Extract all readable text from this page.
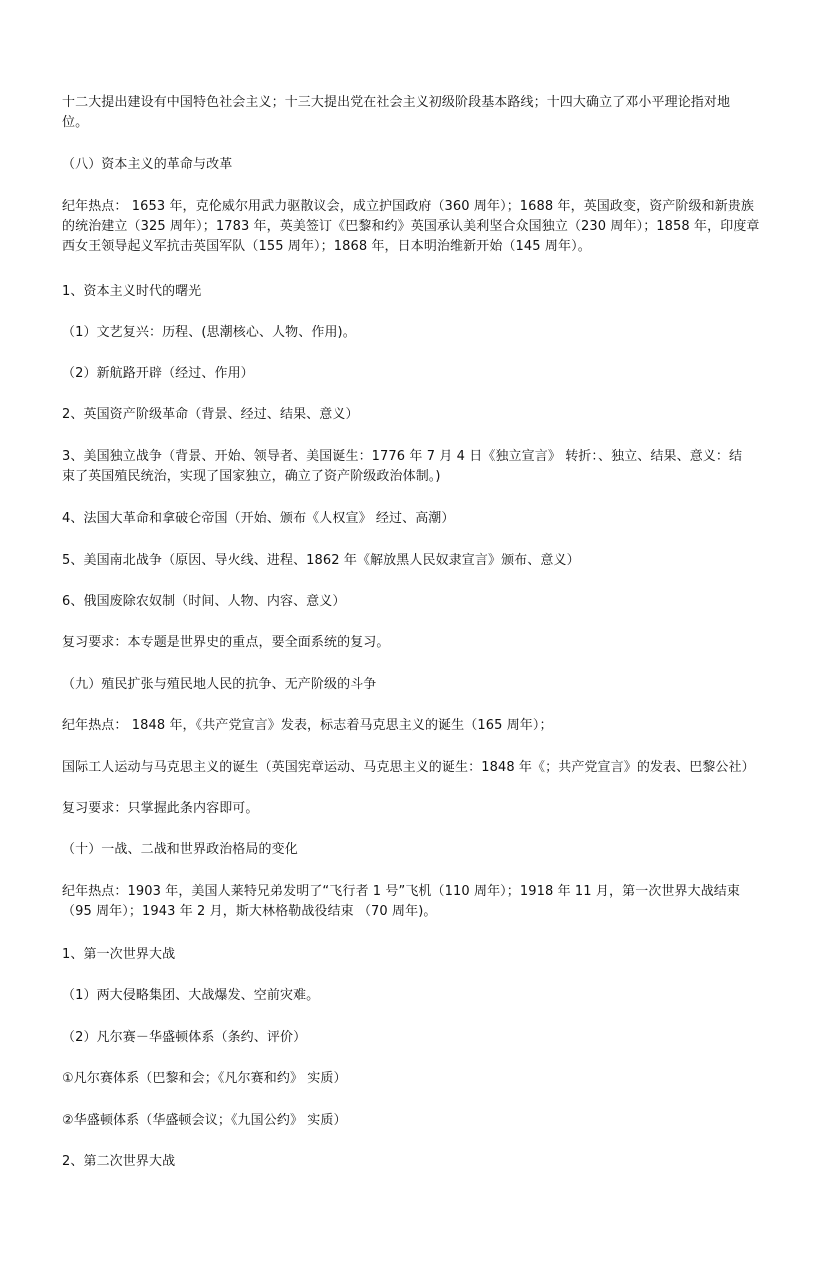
十二大提出建设有中国特色社会主义；十三大提出党在社会主义初级阶段基本路线；十四大确立了邓小平理论指对地
位。

（八）资本主义的革命与改革

纪年热点： 1653 年，克伦威尔用武力驱散议会，成立护国政府（360 周年）；1688 年，英国政变，资产阶级和新贵族
的统治建立（325 周年）；1783 年，英美签订《巴黎和约》英国承认美利坚合众国独立（230 周年）；1858 年，印度章
西女王领导起义军抗击英国军队（155 周年）；1868 年，日本明治维新开始（145 周年）。

1、资本主义时代的曙光

（1）文艺复兴：历程、(思潮核心、人物、作用)。

（2）新航路开辟（经过、作用）

2、英国资产阶级革命（背景、经过、结果、意义）

3、美国独立战争（背景、开始、领导者、美国诞生：1776 年 7 月 4 日《独立宣言》 转折：、独立、结果、意义：结
束了英国殖民统治，实现了国家独立，确立了资产阶级政治体制。)

4、法国大革命和拿破仑帝国（开始、颁布《人权宣》 经过、高潮）

5、美国南北战争（原因、导火线、进程、1862 年《解放黑人民奴隶宣言》颁布、意义）

6、俄国废除农奴制（时间、人物、内容、意义）

复习要求：本专题是世界史的重点，要全面系统的复习。

（九）殖民扩张与殖民地人民的抗争、无产阶级的斗争

纪年热点： 1848 年，《共产党宣言》发表，标志着马克思主义的诞生（165 周年）；

国际工人运动与马克思主义的诞生（英国宪章运动、马克思主义的诞生：1848 年《；共产党宣言》的发表、巴黎公社）

复习要求：只掌握此条内容即可。

（十）一战、二战和世界政治格局的变化

纪年热点：1903 年，美国人莱特兄弟发明了“飞行者 1 号”飞机（110 周年）；1918 年 11 月，第一次世界大战结束
（95 周年）；1943 年 2 月，斯大林格勒战役结束 （70 周年)。

1、第一次世界大战

（1）两大侵略集团、大战爆发、空前灾难。

（2）凡尔赛－华盛顿体系（条约、评价）

①凡尔赛体系（巴黎和会；《凡尔赛和约》 实质）

②华盛顿体系（华盛顿会议；《九国公约》 实质）

2、第二次世界大战
